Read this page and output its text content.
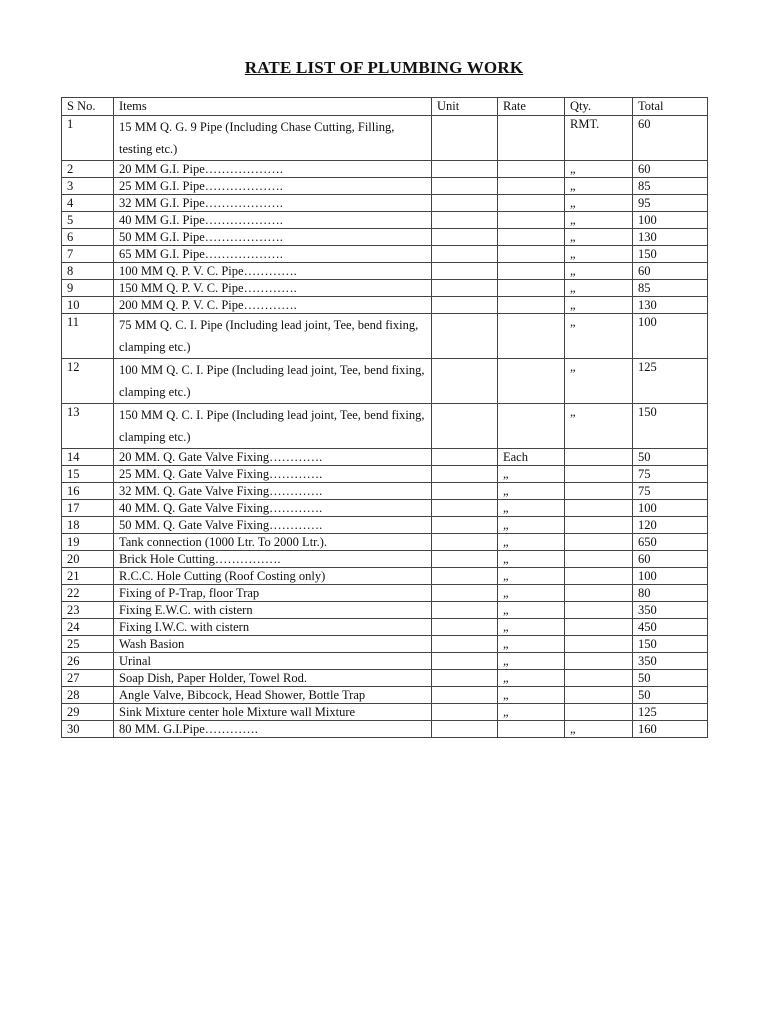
RATE LIST OF PLUMBING WORK
S No.	Items	Unit	Rate	Qty.	Total
1	15 MM Q. G. 9 Pipe (Including Chase Cutting, Filling, testing etc.)			RMT.	60
2	20 MM G.I. Pipe……………….			„	60
3	25 MM G.I. Pipe……………….			„	85
4	32 MM G.I. Pipe……………….			„	95
5	40 MM G.I. Pipe……………….			„	100
6	50 MM G.I. Pipe……………….			„	130
7	65 MM G.I. Pipe……………….			„	150
8	100 MM Q. P. V. C. Pipe………….			„	60
9	150 MM Q. P. V. C. Pipe………….			„	85
10	200 MM Q. P. V. C. Pipe………….			„	130
11	75 MM Q. C. I. Pipe (Including lead joint, Tee, bend fixing, clamping etc.)			„	100
12	100 MM Q. C. I. Pipe (Including lead joint, Tee, bend fixing, clamping etc.)			„	125
13	150 MM Q. C. I. Pipe (Including lead joint, Tee, bend fixing, clamping etc.)			„	150
14	20 MM. Q. Gate Valve Fixing………….		Each		50
15	25 MM. Q. Gate Valve Fixing………….		„		75
16	32 MM. Q. Gate Valve Fixing………….		„		75
17	40 MM. Q. Gate Valve Fixing………….		„		100
18	50 MM. Q. Gate Valve Fixing………….		„		120
19	Tank connection (1000 Ltr. To 2000 Ltr.).		„		650
20	Brick Hole Cutting…………….		„		60
21	R.C.C. Hole Cutting (Roof Costing only)		„		100
22	Fixing of P-Trap, floor Trap		„		80
23	Fixing E.W.C. with cistern		„		350
24	Fixing I.W.C. with cistern		„		450
25	Wash Basion		„		150
26	Urinal		„		350
27	Soap Dish, Paper Holder, Towel Rod.		„		50
28	Angle Valve, Bibcock, Head Shower, Bottle Trap		„		50
29	Sink Mixture center hole Mixture wall Mixture		„		125
30	80 MM. G.I.Pipe………….			„	160
